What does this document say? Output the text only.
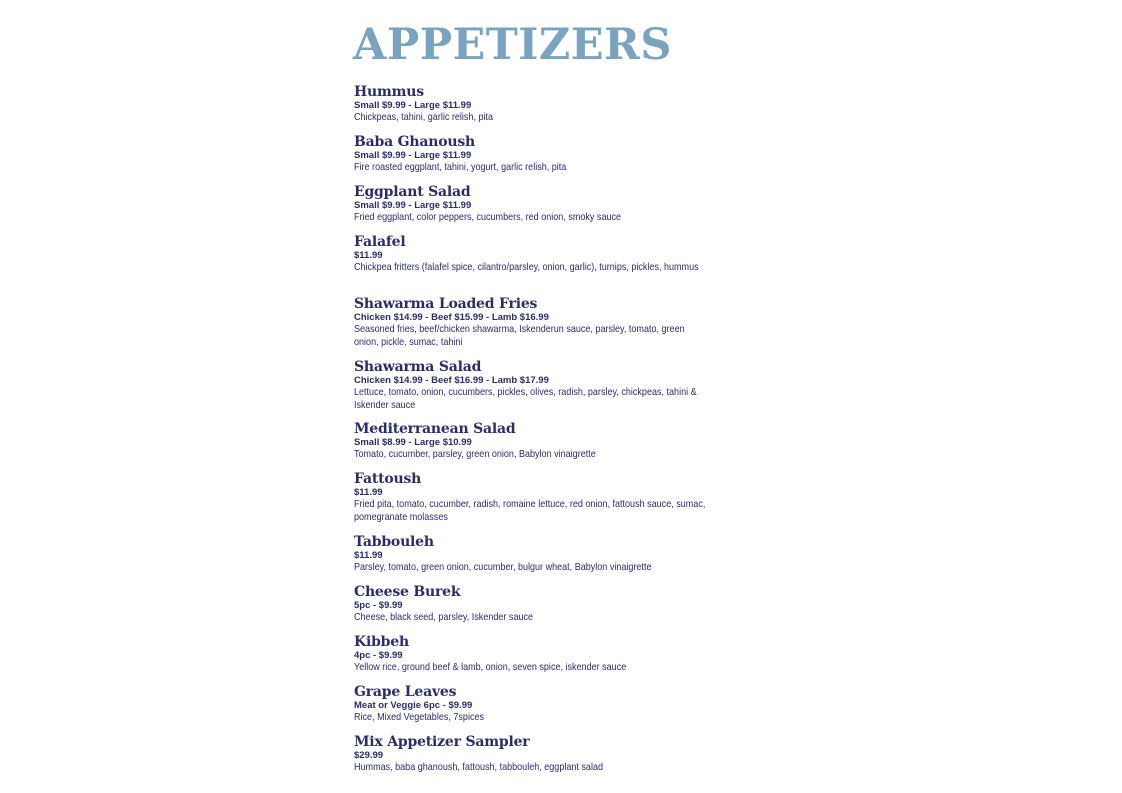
APPETIZERS
Hummus
Small $9.99 - Large $11.99
Chickpeas, tahini, garlic relish, pita
Baba Ghanoush
Small $9.99 - Large $11.99
Fire roasted eggplant, tahini, yogurt, garlic relish, pita
Eggplant Salad
Small $9.99 - Large $11.99
Fried eggplant, color peppers, cucumbers, red onion, smoky sauce
Falafel
$11.99
Chickpea fritters (falafel spice, cilantro/parsley, onion, garlic), turnips, pickles, hummus
Shawarma Loaded Fries
Chicken $14.99 - Beef $15.99 - Lamb $16.99
Seasoned fries, beef/chicken shawarma, Iskenderun sauce, parsley, tomato, green onion, pickle, sumac, tahini
Shawarma Salad
Chicken $14.99 - Beef $16.99 - Lamb $17.99
Lettuce, tomato, onion, cucumbers, pickles, olives, radish, parsley, chickpeas, tahini & Iskender sauce
Mediterranean Salad
Small $8.99 - Large $10.99
Tomato, cucumber, parsley, green onion, Babylon vinaigrette
Fattoush
$11.99
Fried pita, tomato, cucumber, radish, romaine lettuce, red onion, fattoush sauce, sumac, pomegranate molasses
Tabbouleh
$11.99
Parsley, tomato, green onion, cucumber, bulgur wheat, Babylon vinaigrette
Cheese Burek
5pc - $9.99
Cheese, black seed, parsley, Iskender sauce
Kibbeh
4pc - $9.99
Yellow rice, ground beef & lamb, onion, seven spice, iskender sauce
Grape Leaves
Meat or Veggie 6pc - $9.99
Rice, Mixed Vegetables, 7spices
Mix Appetizer Sampler
$29.99
Hummas, baba ghanoush, fattoush, tabbouleh, eggplant salad
